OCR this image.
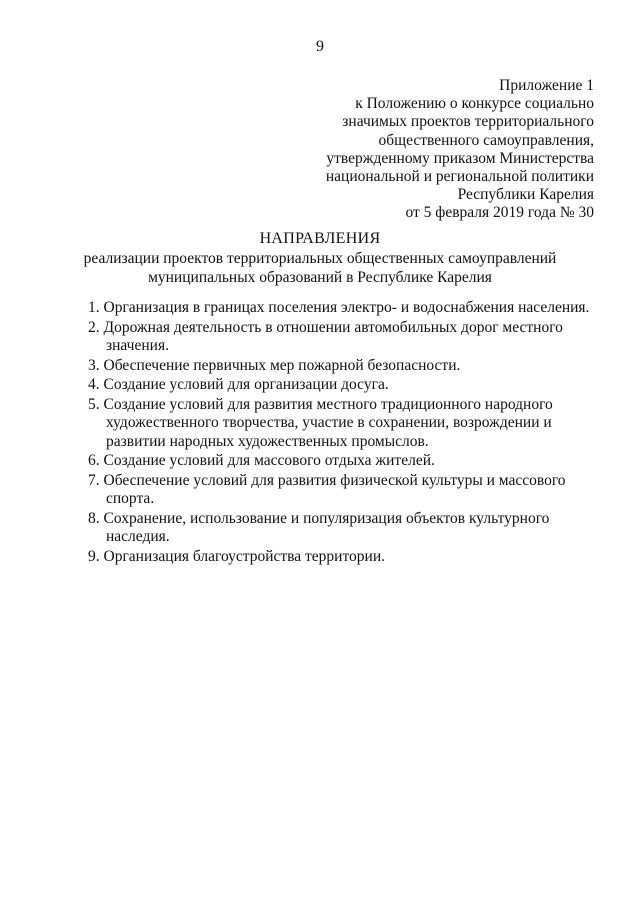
9
Приложение 1
к Положению о конкурсе социально
значимых проектов территориального
общественного самоуправления,
утвержденному приказом Министерства
национальной и региональной политики
Республики Карелия
от 5 февраля 2019 года № 30
НАПРАВЛЕНИЯ
реализации проектов территориальных общественных самоуправлений
муниципальных образований в Республике Карелия
1. Организация в границах поселения электро- и водоснабжения населения.
2. Дорожная деятельность в отношении автомобильных дорог местного
значения.
3. Обеспечение первичных мер пожарной безопасности.
4. Создание условий для организации досуга.
5. Создание условий для развития местного традиционного народного
художественного творчества, участие в сохранении, возрождении и
развитии народных художественных промыслов.
6. Создание условий для массового отдыха жителей.
7. Обеспечение условий для развития физической культуры и массового
спорта.
8. Сохранение, использование и популяризация объектов культурного
наследия.
9. Организация благоустройства территории.
